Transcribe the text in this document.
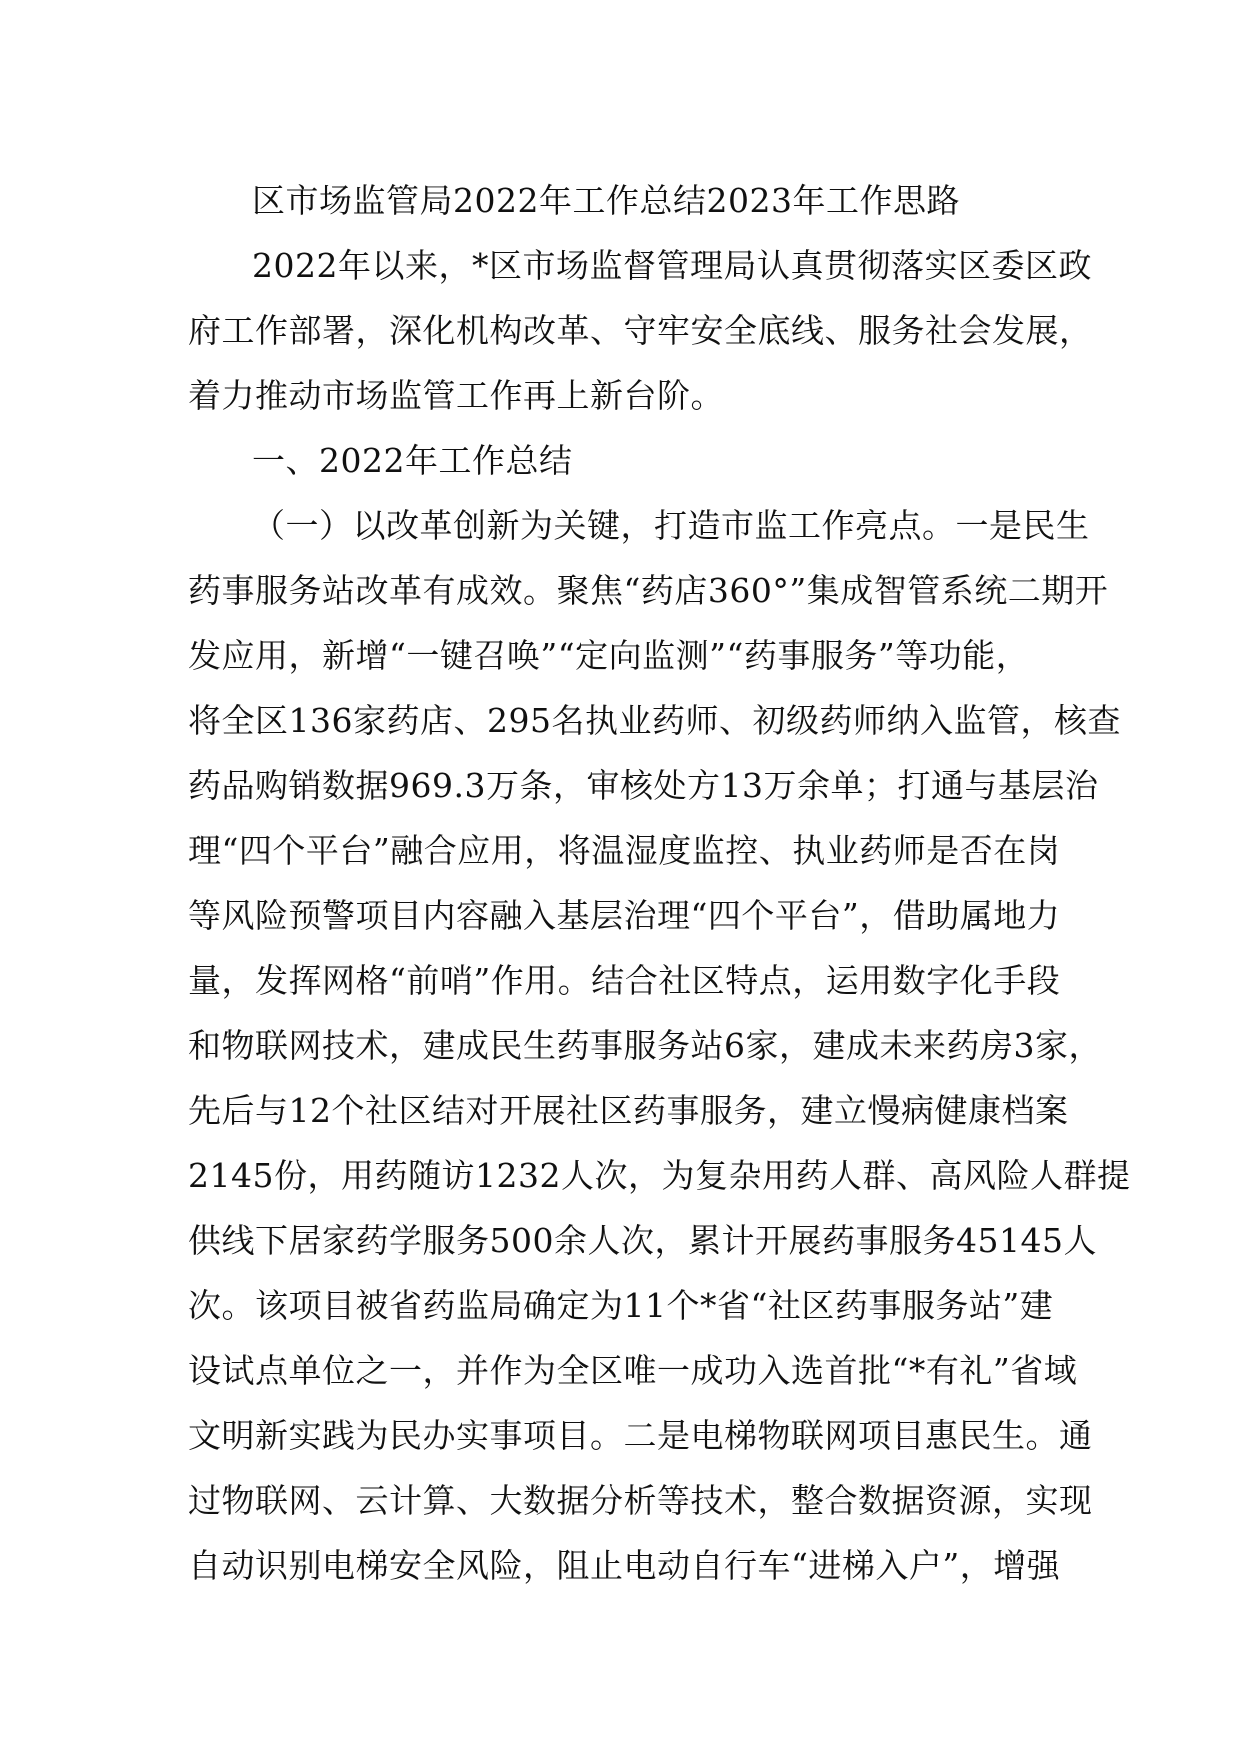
区市场监管局2022年工作总结2023年工作思路
2022年以来，*区市场监督管理局认真贯彻落实区委区政
府工作部署，深化机构改革、守牢安全底线、服务社会发展，
着力推动市场监管工作再上新台阶。
一、2022年工作总结
（一）以改革创新为关键，打造市监工作亮点。一是民生
药事服务站改革有成效。聚焦“药店360°”集成智管系统二期开
发应用，新增“一键召唤”“定向监测”“药事服务”等功能，
将全区136家药店、295名执业药师、初级药师纳入监管，核查
药品购销数据969.3万条，审核处方13万余单；打通与基层治
理“四个平台”融合应用，将温湿度监控、执业药师是否在岗
等风险预警项目内容融入基层治理“四个平台”，借助属地力
量，发挥网格“前哨”作用。结合社区特点，运用数字化手段
和物联网技术，建成民生药事服务站6家，建成未来药房3家，
先后与12个社区结对开展社区药事服务，建立慢病健康档案
2145份，用药随访1232人次，为复杂用药人群、高风险人群提
供线下居家药学服务500余人次，累计开展药事服务45145人
次。该项目被省药监局确定为11个*省“社区药事服务站”建
设试点单位之一，并作为全区唯一成功入选首批“*有礼”省域
文明新实践为民办实事项目。二是电梯物联网项目惠民生。通
过物联网、云计算、大数据分析等技术，整合数据资源，实现
自动识别电梯安全风险，阻止电动自行车“进梯入户”，增强
